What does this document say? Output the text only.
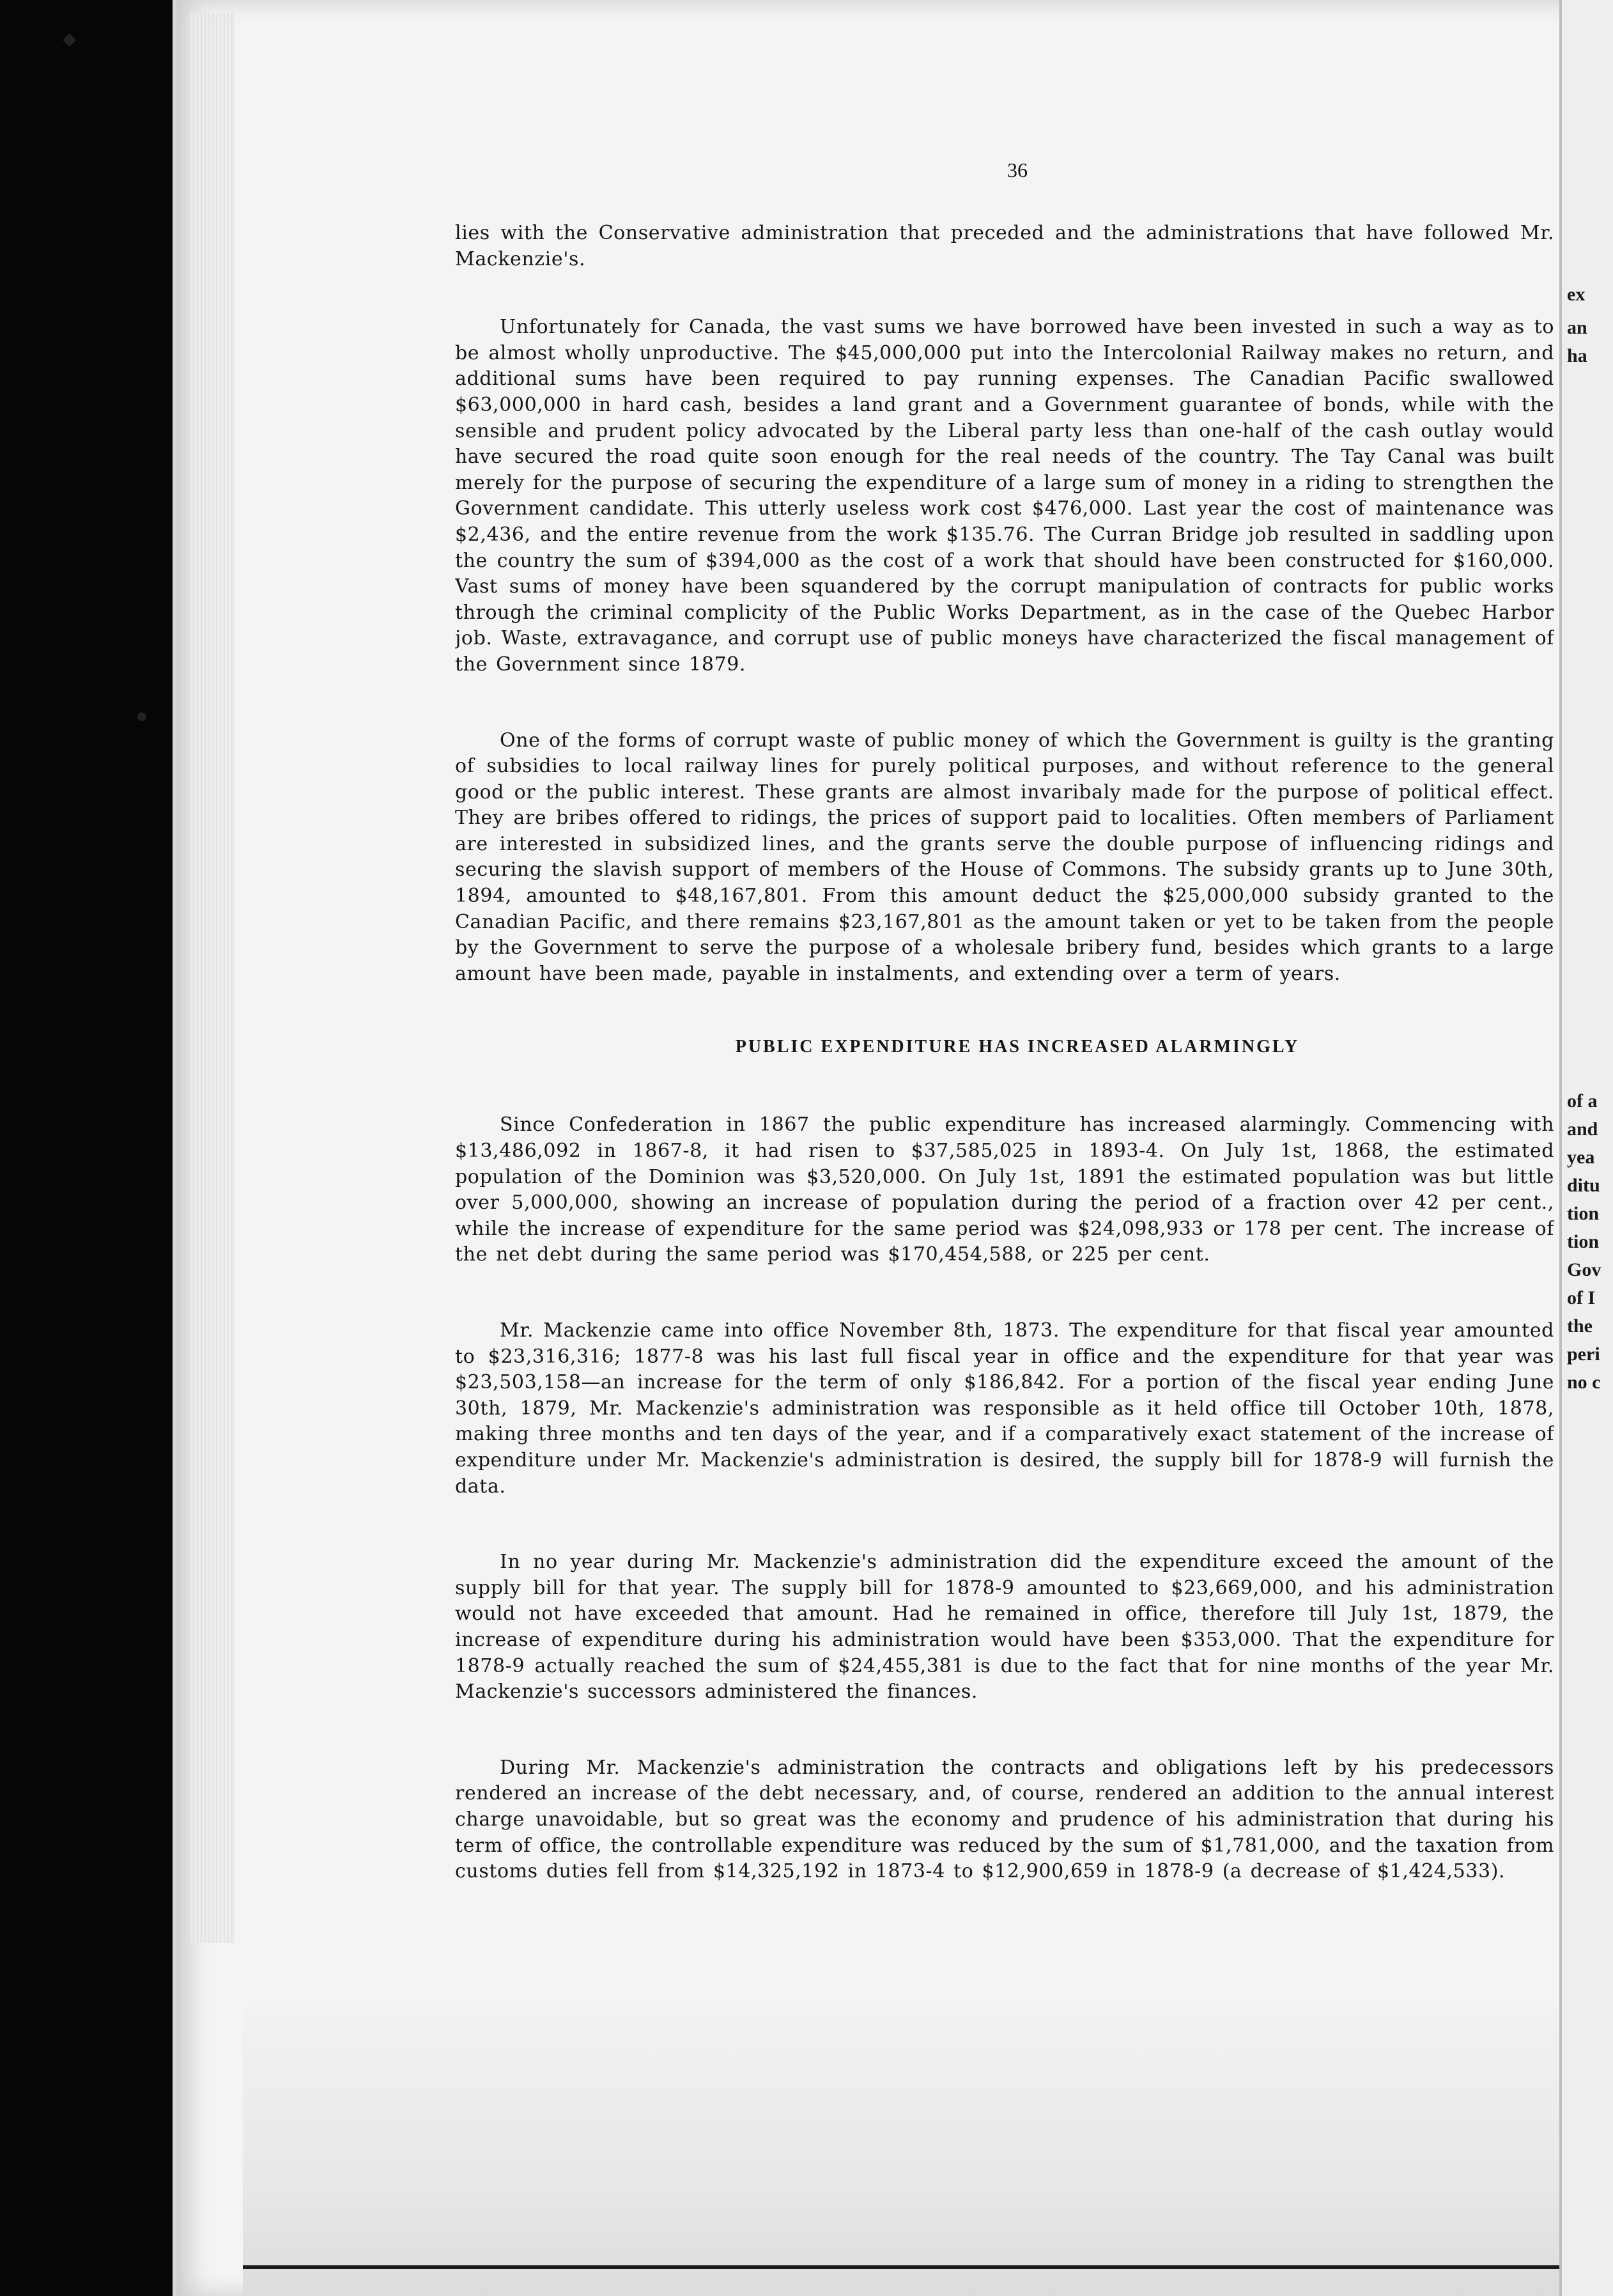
◆
●
36

lies with the Conservative administration that preceded and the administrations that have followed Mr. Mackenzie's.

Unfortunately for Canada, the vast sums we have borrowed have been invested in such a way as to be almost wholly unproductive. The $45,000,000 put into the Intercolonial Railway makes no return, and additional sums have been required to pay running expenses. The Canadian Pacific swallowed $63,000,000 in hard cash, besides a land grant and a Government guarantee of bonds, while with the sensible and prudent policy advocated by the Liberal party less than one-half of the cash outlay would have secured the road quite soon enough for the real needs of the country. The Tay Canal was built merely for the purpose of securing the expenditure of a large sum of money in a riding to strengthen the Government candidate. This utterly useless work cost $476,000. Last year the cost of maintenance was $2,436, and the entire revenue from the work $135.76. The Curran Bridge job resulted in saddling upon the country the sum of $394,000 as the cost of a work that should have been constructed for $160,000. Vast sums of money have been squandered by the corrupt manipulation of contracts for public works through the criminal complicity of the Public Works Department, as in the case of the Quebec Harbor job. Waste, extravagance, and corrupt use of public moneys have characterized the fiscal management of the Government since 1879.

One of the forms of corrupt waste of public money of which the Government is guilty is the granting of subsidies to local railway lines for purely political purposes, and without reference to the general good or the public interest. These grants are almost invaribaly made for the purpose of political effect. They are bribes offered to ridings, the prices of support paid to localities. Often members of Parliament are interested in subsidized lines, and the grants serve the double purpose of influencing ridings and securing the slavish support of members of the House of Commons. The subsidy grants up to June 30th, 1894, amounted to $48,167,801. From this amount deduct the $25,000,000 subsidy granted to the Canadian Pacific, and there remains $23,167,801 as the amount taken or yet to be taken from the people by the Government to serve the purpose of a wholesale bribery fund, besides which grants to a large amount have been made, payable in instalments, and extending over a term of years.

PUBLIC EXPENDITURE HAS INCREASED ALARMINGLY

Since Confederation in 1867 the public expenditure has increased alarmingly. Commencing with $13,486,092 in 1867-8, it had risen to $37,585,025 in 1893-4. On July 1st, 1868, the estimated population of the Dominion was $3,520,000. On July 1st, 1891 the estimated population was but little over 5,000,000, showing an increase of population during the period of a fraction over 42 per cent., while the increase of expenditure for the same period was $24,098,933 or 178 per cent. The increase of the net debt during the same period was $170,454,588, or 225 per cent.

Mr. Mackenzie came into office November 8th, 1873. The expenditure for that fiscal year amounted to $23,316,316; 1877-8 was his last full fiscal year in office and the expenditure for that year was $23,503,158—an increase for the term of only $186,842. For a portion of the fiscal year ending June 30th, 1879, Mr. Mackenzie's administration was responsible as it held office till October 10th, 1878, making three months and ten days of the year, and if a comparatively exact statement of the increase of expenditure under Mr. Mackenzie's administration is desired, the supply bill for 1878-9 will furnish the data.

In no year during Mr. Mackenzie's administration did the expenditure exceed the amount of the supply bill for that year. The supply bill for 1878-9 amounted to $23,669,000, and his administration would not have exceeded that amount. Had he remained in office, therefore till July 1st, 1879, the increase of expenditure during his administration would have been $353,000. That the expenditure for 1878-9 actually reached the sum of $24,455,381 is due to the fact that for nine months of the year Mr. Mackenzie's successors administered the finances.

During Mr. Mackenzie's administration the contracts and obligations left by his predecessors rendered an increase of the debt necessary, and, of course, rendered an addition to the annual interest charge unavoidable, but so great was the economy and prudence of his administration that during his term of office, the controllable expenditure was reduced by the sum of $1,781,000, and the taxation from customs duties fell from $14,325,192 in 1873-4 to $12,900,659 in 1878-9 (a decrease of $1,424,533).

ex
an
ha
of a
and
yea
ditu
tion
tion
Gov
of I
the
peri
no c
